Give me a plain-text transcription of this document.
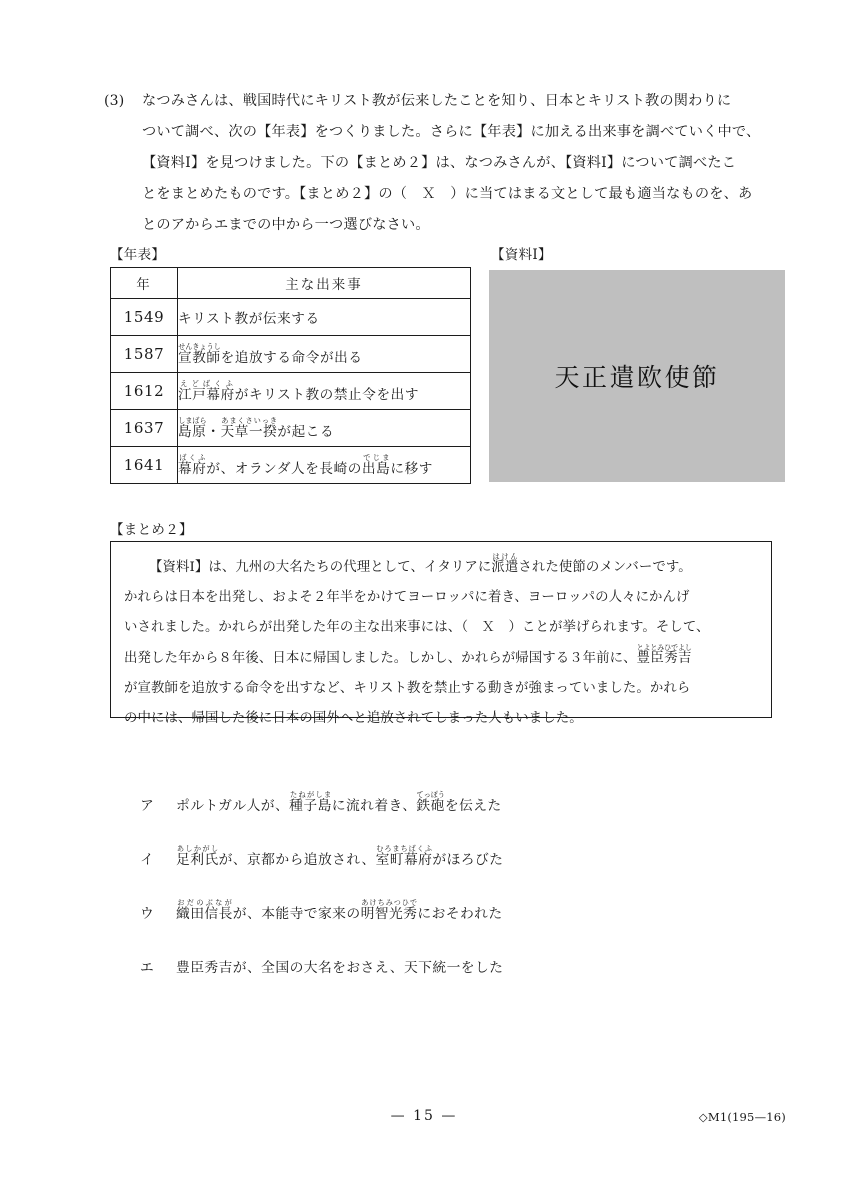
(3)	なつみさんは、戦国時代にキリスト教が伝来したことを知り、日本とキリスト教の関わりに
ついて調べ、次の【年表】をつくりました。さらに【年表】に加える出来事を調べていく中で、
【資料Ⅰ】を見つけました。下の【まとめ２】は、なつみさんが、【資料Ⅰ】について調べたこ
とをまとめたものです。【まとめ２】の（　Ｘ　）に当てはまる文として最も適当なものを、あ
とのアからエまでの中から一つ選びなさい。
【年表】
年	主な出来事
1549	キリスト教が伝来する
1587	宣教師せんきょうしを追放する命令が出る
1612	江戸幕府えどばくふがキリスト教の禁止令を出す
1637	島原しまばら・天草一揆あまくさいっきが起こる
1641	幕府ばくふが、オランダ人を長崎の出島でじまに移す
【資料Ⅰ】
天正遣欧使節
【まとめ２】
【資料Ⅰ】は、九州の大名たちの代理として、イタリアに派遣はけんされた使節のメンバーです。
かれらは日本を出発し、およそ２年半をかけてヨーロッパに着き、ヨーロッパの人々にかんげ
いされました。かれらが出発した年の主な出来事には、（　Ｘ　）ことが挙げられます。そして、
出発した年から８年後、日本に帰国しました。しかし、かれらが帰国する３年前に、豊臣秀吉とよとみひでよし
が宣教師を追放する命令を出すなど、キリスト教を禁止する動きが強まっていました。かれら
の中には、帰国した後に日本の国外へと追放されてしまった人もいました。
ア	ポルトガル人が、種子島たねがしまに流れ着き、鉄砲てっぽうを伝えた
イ	足利氏あしかがしが、京都から追放され、室町幕府むろまちばくふがほろびた
ウ	織田信長おだのぶながが、本能寺で家来の明智光秀あけちみつひでにおそわれた
エ	豊臣秀吉が、全国の大名をおさえ、天下統一をした
— 15 —	◇M1(195—16)
